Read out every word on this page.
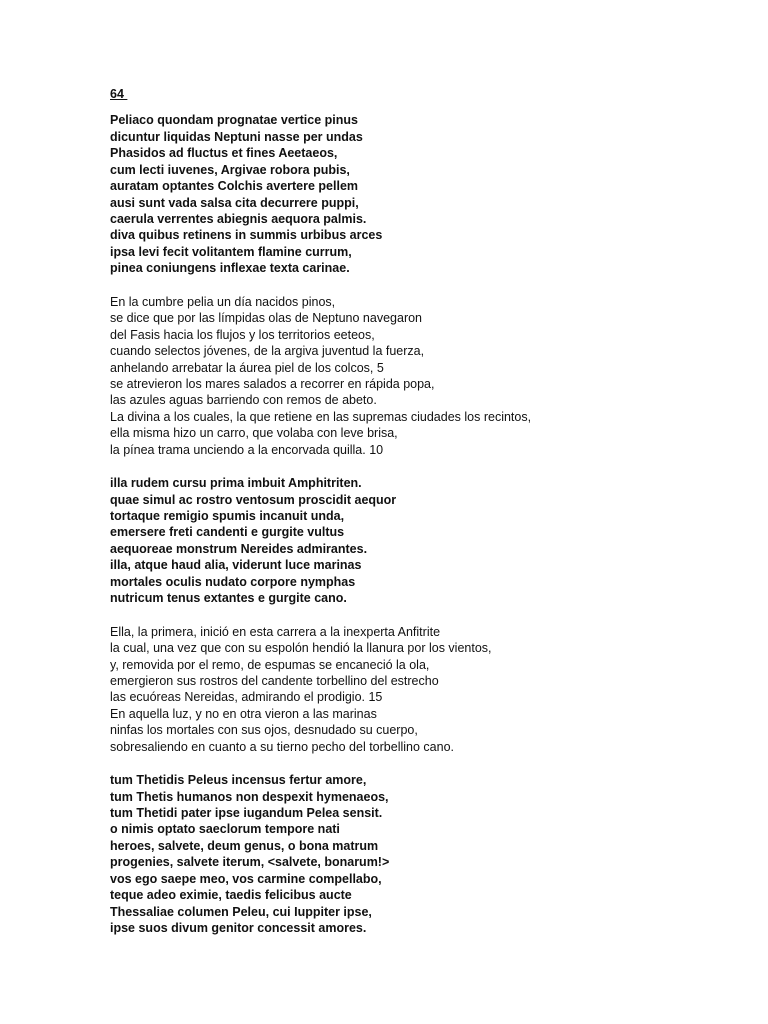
64
Peliaco quondam prognatae vertice pinus
dicuntur liquidas Neptuni nasse per undas
Phasidos ad fluctus et fines Aeetaeos,
cum lecti iuvenes, Argivae robora pubis,
auratam optantes Colchis avertere pellem
ausi sunt vada salsa cita decurrere puppi,
caerula verrentes abiegnis aequora palmis.
diva quibus retinens in summis urbibus arces
ipsa levi fecit volitantem flamine currum,
pinea coniungens inflexae texta carinae.
En la cumbre pelia un día nacidos pinos,
se dice que por las límpidas olas de Neptuno navegaron
del Fasis hacia los flujos y los territorios eeteos,
cuando selectos jóvenes, de la argiva juventud la fuerza,
anhelando arrebatar la áurea piel de los colcos, 5
se atrevieron los mares salados a recorrer en rápida popa,
las azules aguas barriendo con remos de abeto.
La divina a los cuales, la que retiene en las supremas ciudades los recintos,
ella misma hizo un carro, que volaba con leve brisa,
la pínea trama unciendo a la encorvada quilla. 10
illa rudem cursu prima imbuit Amphitriten.
quae simul ac rostro ventosum proscidit aequor
tortaque remigio spumis incanuit unda,
emersere freti candenti e gurgite vultus
aequoreae monstrum Nereides admirantes.
illa, atque haud alia, viderunt luce marinas
mortales oculis nudato corpore nymphas
nutricum tenus extantes e gurgite cano.
Ella, la primera, inició en esta carrera a la inexperta Anfitrite
la cual, una vez que con su espolón hendió la llanura por los vientos,
y, removida por el remo, de espumas se encaneció la ola,
emergieron sus rostros del candente torbellino del estrecho
las ecuóreas Nereidas, admirando el prodigio. 15
En aquella luz, y no en otra vieron a las marinas
ninfas los mortales con sus ojos, desnudado su cuerpo,
sobresaliendo en cuanto a su tierno pecho del torbellino cano.
tum Thetidis Peleus incensus fertur amore,
tum Thetis humanos non despexit hymenaeos,
tum Thetidi pater ipse iugandum Pelea sensit.
o nimis optato saeclorum tempore nati
heroes, salvete, deum genus, o bona matrum
progenies, salvete iterum, <salvete, bonarum!>
vos ego saepe meo, vos carmine compellabo,
teque adeo eximie, taedis felicibus aucte
Thessaliae columen Peleu, cui Iuppiter ipse,
ipse suos divum genitor concessit amores.
